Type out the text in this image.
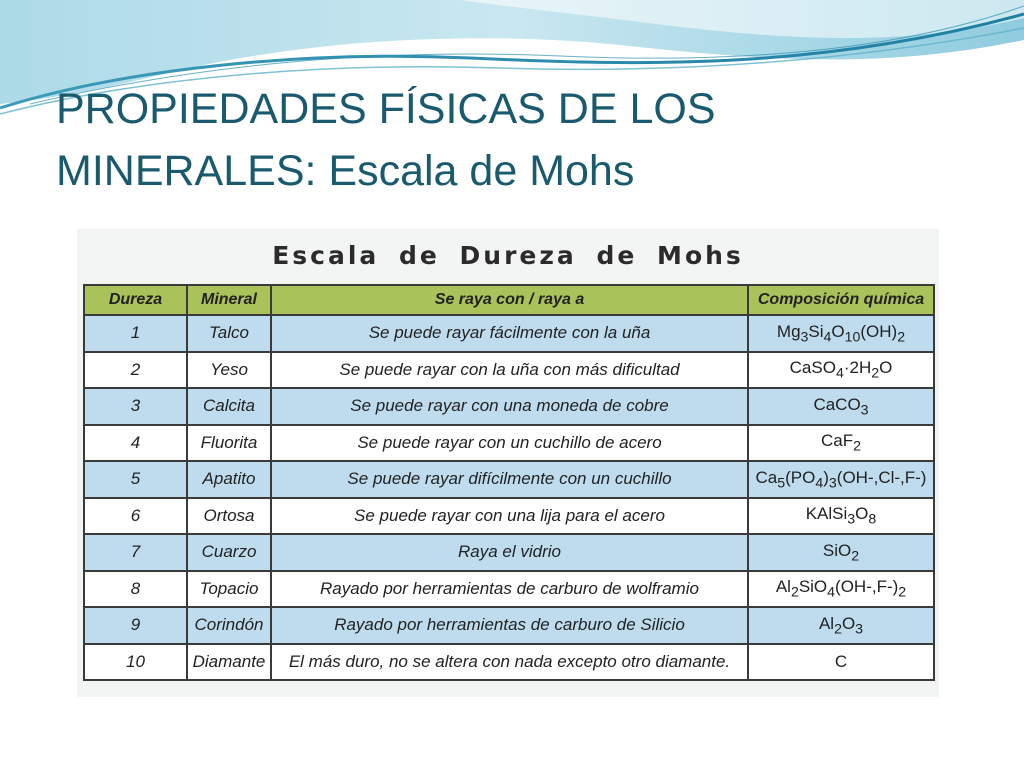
PROPIEDADES FÍSICAS DE LOS
MINERALES: Escala de Mohs
Escala de Dureza de Mohs
Dureza	Mineral	Se raya con / raya a	Composición química
1	Talco	Se puede rayar fácilmente con la uña	$Mg_3Si_4O_{10}(OH)_2$
2	Yeso	Se puede rayar con la uña con más dificultad	$CaSO_4\cdot 2H_2O$
3	Calcita	Se puede rayar con una moneda de cobre	CaCO$_3$
4	Fluorita	Se puede rayar con un cuchillo de acero	CaF$_2$
5	Apatito	Se puede rayar difícilmente con un cuchillo	$Ca_5(PO_4)_3(OH-,Cl-,F-)$
6	Ortosa	Se puede rayar con una lija para el acero	$KAlSi_3O_8$
7	Cuarzo	Raya el vidrio	SiO$_2$
8	Topacio	Rayado por herramientas de carburo de wolframio	$Al_2SiO_4(OH-,F-)_2$
9	Corindón	Rayado por herramientas de carburo de Silicio	$Al_2O_3$
10	Diamante	El más duro, no se altera con nada excepto otro diamante.	C
